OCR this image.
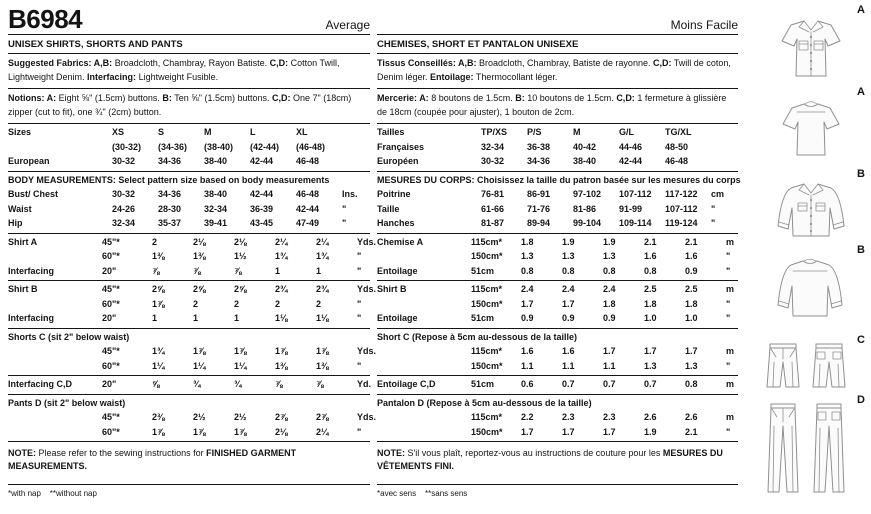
B6984	Average
UNISEX SHIRTS, SHORTS AND PANTS
Suggested Fabrics: A,B: Broadcloth, Chambray, Rayon Batiste. C,D: Cotton Twill, Lightweight Denim. Interfacing: Lightweight Fusible.
Notions: A: Eight ⅝" (1.5cm) buttons. B: Ten ⅝" (1.5cm) buttons. C,D: One 7" (18cm) zipper (cut to fit), one ¾" (2cm) button.
Sizes	XS	S	M	L	XL
(30-32)	(34-36)	(38-40)	(42-44)	(46-48)
European	30-32	34-36	38-40	42-44	46-48
BODY MEASUREMENTS: Select pattern size based on body measurements
Bust/ Chest	30-32	34-36	38-40	42-44	46-48	Ins.
Waist	24-26	28-30	32-34	36-39	42-44	"
Hip	32-34	35-37	39-41	43-45	47-49	"
Shirt A	45"*	2	2⅛	2⅛	2¼	2¼	Yds.
60"*	1⅜	1⅜	1½	1¾	1¾	"
Interfacing	20"	⅞	⅞	⅞	1	1	"
Shirt B	45"*	2⅝	2⅝	2⅝	2¾	2¾	Yds.
60"*	1⅞	2	2	2	2	"
Interfacing	20"	1	1	1	1⅛	1⅛	"
Shorts C (sit 2" below waist)
45"*	1¾	1⅞	1⅞	1⅞	1⅞	Yds.
60"*	1¼	1¼	1¼	1⅜	1⅜	"
Interfacing C,D	20"	⅝	¾	¾	⅞	⅞	Yd.
Pants D (sit 2" below waist)
45"*	2⅜	2½	2½	2⅞	2⅞	Yds.
60"*	1⅞	1⅞	1⅞	2⅛	2¼	"
NOTE: Please refer to the sewing instructions for FINISHED GARMENT MEASUREMENTS.
*with nap    **without nap
Moins Facile
CHEMISES, SHORT ET PANTALON UNISEXE
Tissus Conseillés: A,B: Broadcloth, Chambray, Batiste de rayonne. C,D: Twill de coton, Denim léger. Entoilage: Thermocollant léger.
Mercerie: A: 8 boutons de 1.5cm. B: 10 boutons de 1.5cm. C,D: 1 fermeture à glissière de 18cm (coupée pour ajuster), 1 bouton de 2cm.
Tailles	TP/XS	P/S	M	G/L	TG/XL
Françaises	32-34	36-38	40-42	44-46	48-50
Européen	30-32	34-36	38-40	42-44	46-48
MESURES DU CORPS: Choisissez la taille du patron basée sur les mesures du corps
Poitrine	76-81	86-91	97-102	107-112	117-122	cm
Taille	61-66	71-76	81-86	91-99	107-112	"
Hanches	81-87	89-94	99-104	109-114	119-124	"
Chemise A	115cm*	1.8	1.9	1.9	2.1	2.1	m
150cm*	1.3	1.3	1.3	1.6	1.6	"
Entoilage	51cm	0.8	0.8	0.8	0.8	0.9	"
Shirt B	115cm*	2.4	2.4	2.4	2.5	2.5	m
150cm*	1.7	1.7	1.8	1.8	1.8	"
Entoilage	51cm	0.9	0.9	0.9	1.0	1.0	"
Short C (Repose à 5cm au-dessous de la taille)
115cm*	1.6	1.6	1.7	1.7	1.7	m
150cm*	1.1	1.1	1.1	1.3	1.3	"
Entoilage C,D	51cm	0.6	0.7	0.7	0.7	0.8	m
Pantalon D (Repose à 5cm au-dessous de la taille)
115cm*	2.2	2.3	2.3	2.6	2.6	m
150cm*	1.7	1.7	1.7	1.9	2.1	"
NOTE: S'il vous plaît, reportez-vous au instructions de couture pour les MESURES DU VÊTEMENTS FINI.
*avec sens    **sans sens
A
A
B
B
C
D
